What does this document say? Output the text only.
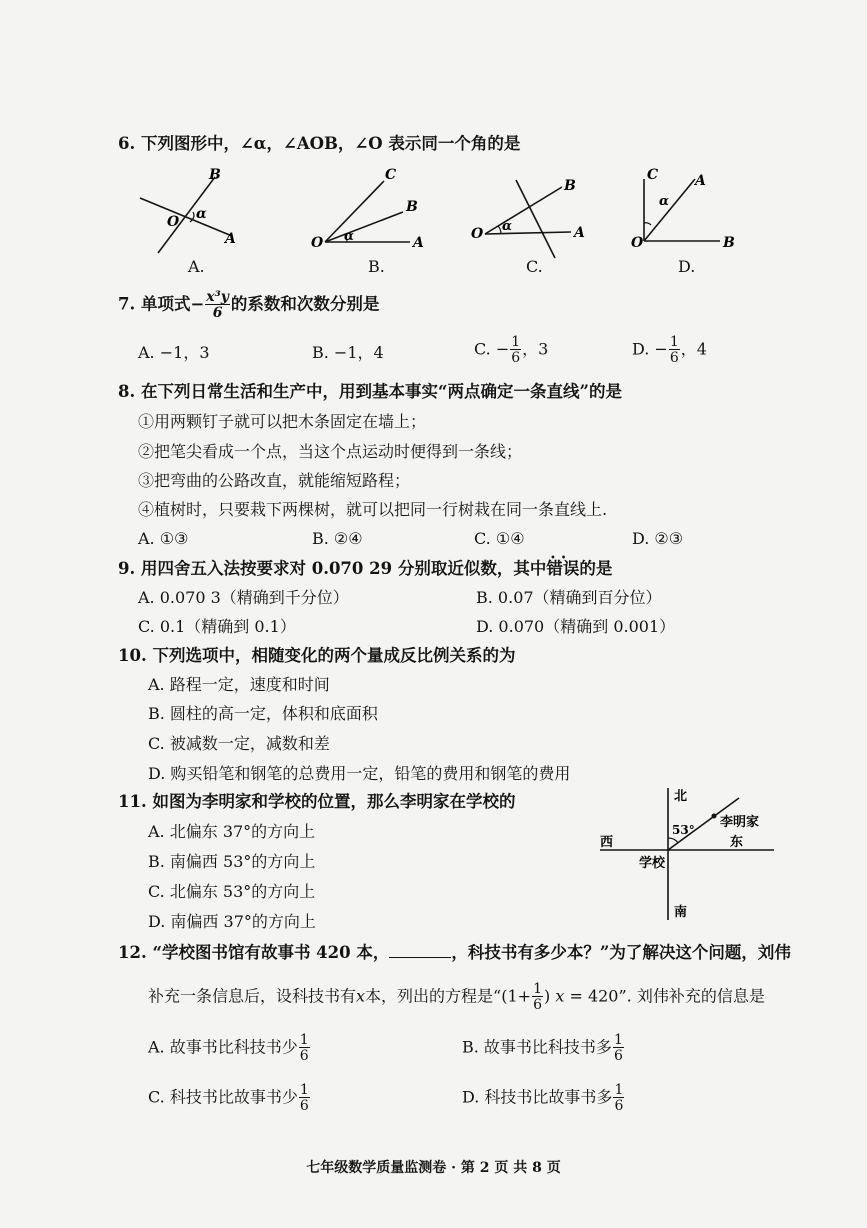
6. 下列图形中，∠α，∠AOB，∠O 表示同一个角的是
B
O α
A
A.
C
B
O α	A
B.
B
O α	A
C.
C	A
α
O	B
D.
7. 单项式− $\frac{\text{x³y}}{6}$ 的系数和次数分别是
A. −1，3	B. −1，4	C. − $\frac{1}{6}$ ，3	D. − $\frac{1}{6}$ ，4
8. 在下列日常生活和生产中，用到基本事实“两点确定一条直线”的是
①用两颗钉子就可以把木条固定在墙上；
②把笔尖看成一个点，当这个点运动时便得到一条线；
③把弯曲的公路改直，就能缩短路程；
④植树时，只要栽下两棵树，就可以把同一行树栽在同一条直线上.
A. ①③	B. ②④	C. ①④	D. ②③
9. 用四舍五入法按要求对 0.070 29 分别取近似数，其中错误 •  •的是
A. 0.070 3（精确到千分位）	B. 0.07（精确到百分位）
C. 0.1（精确到 0.1）	D. 0.070（精确到 0.001）
10. 下列选项中，相随变化的两个量成反比例关系的为
A. 路程一定，速度和时间
B. 圆柱的高一定，体积和底面积
C. 被减数一定，减数和差
D. 购买铅笔和钢笔的总费用一定，铅笔的费用和钢笔的费用
11. 如图为李明家和学校的位置，那么李明家在学校的
A. 北偏东 37°的方向上
B. 南偏西 53°的方向上
C. 北偏东 53°的方向上
D. 南偏西 37°的方向上
北
南
西	东
学校
李明家
53°
12. “学校图书馆有故事书 420 本，	，科技书有多少本？”为了解决这个问题，刘伟
补充一条信息后，设科技书有x本，列出的方程是“($1+ \frac{1}{6}$ ) x = 420”. 刘伟补充的信息是
A. 故事书比科技书少 $\frac{1}{6}$	B. 故事书比科技书多 $\frac{1}{6}$
C. 科技书比故事书少 $\frac{1}{6}$	D. 科技书比故事书多 $\frac{1}{6}$
七年级数学质量监测卷 · 第 2 页 共 8 页
